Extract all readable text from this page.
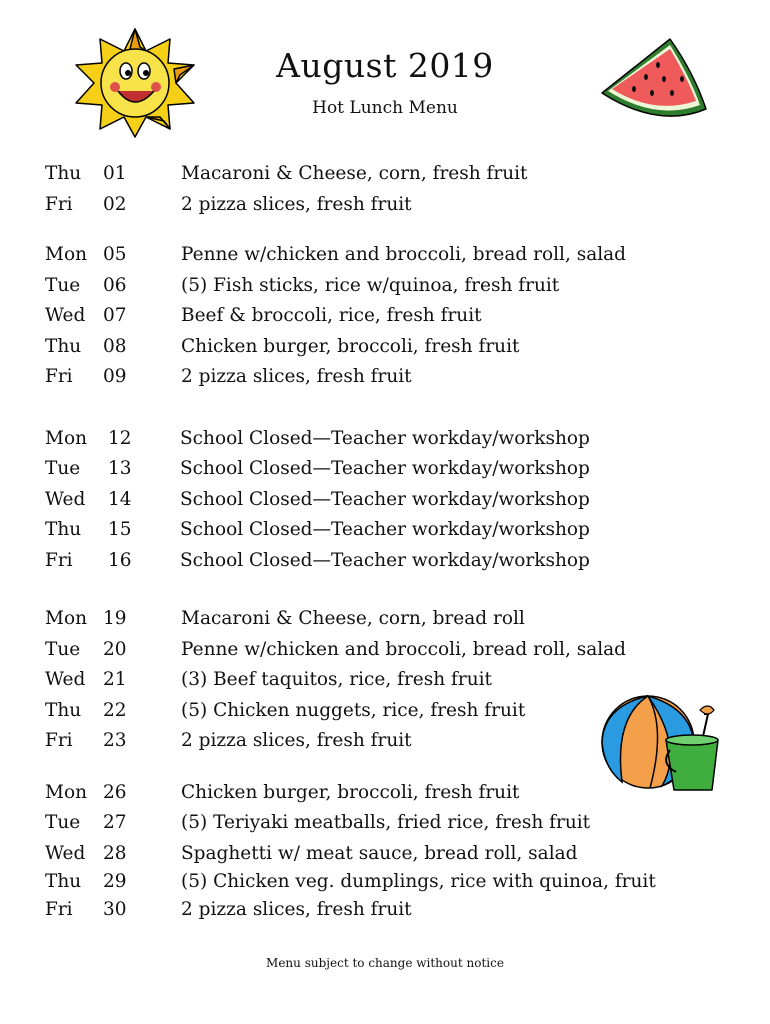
August 2019
Hot Lunch Menu
Thu 01	Macaroni & Cheese, corn, fresh fruit
Fri 02	2 pizza slices, fresh fruit
Mon 05	Penne w/chicken and broccoli, bread roll, salad
Tue 06	(5) Fish sticks, rice w/quinoa, fresh fruit
Wed 07	Beef & broccoli, rice, fresh fruit
Thu 08	Chicken burger, broccoli, fresh fruit
Fri 09	2 pizza slices, fresh fruit
Mon 12	School Closed—Teacher workday/workshop
Tue 13	School Closed—Teacher workday/workshop
Wed 14	School Closed—Teacher workday/workshop
Thu 15	School Closed—Teacher workday/workshop
Fri 16	School Closed—Teacher workday/workshop
Mon 19	Macaroni & Cheese, corn, bread roll
Tue 20	Penne w/chicken and broccoli, bread roll, salad
Wed 21	(3) Beef taquitos, rice, fresh fruit
Thu 22	(5) Chicken nuggets, rice, fresh fruit
Fri 23	2 pizza slices, fresh fruit
Mon 26	Chicken burger, broccoli, fresh fruit
Tue 27	(5) Teriyaki meatballs, fried rice, fresh fruit
Wed 28	Spaghetti w/ meat sauce, bread roll, salad
Thu 29	(5) Chicken veg. dumplings, rice with quinoa, fruit
Fri 30	2 pizza slices, fresh fruit
Menu subject to change without notice
